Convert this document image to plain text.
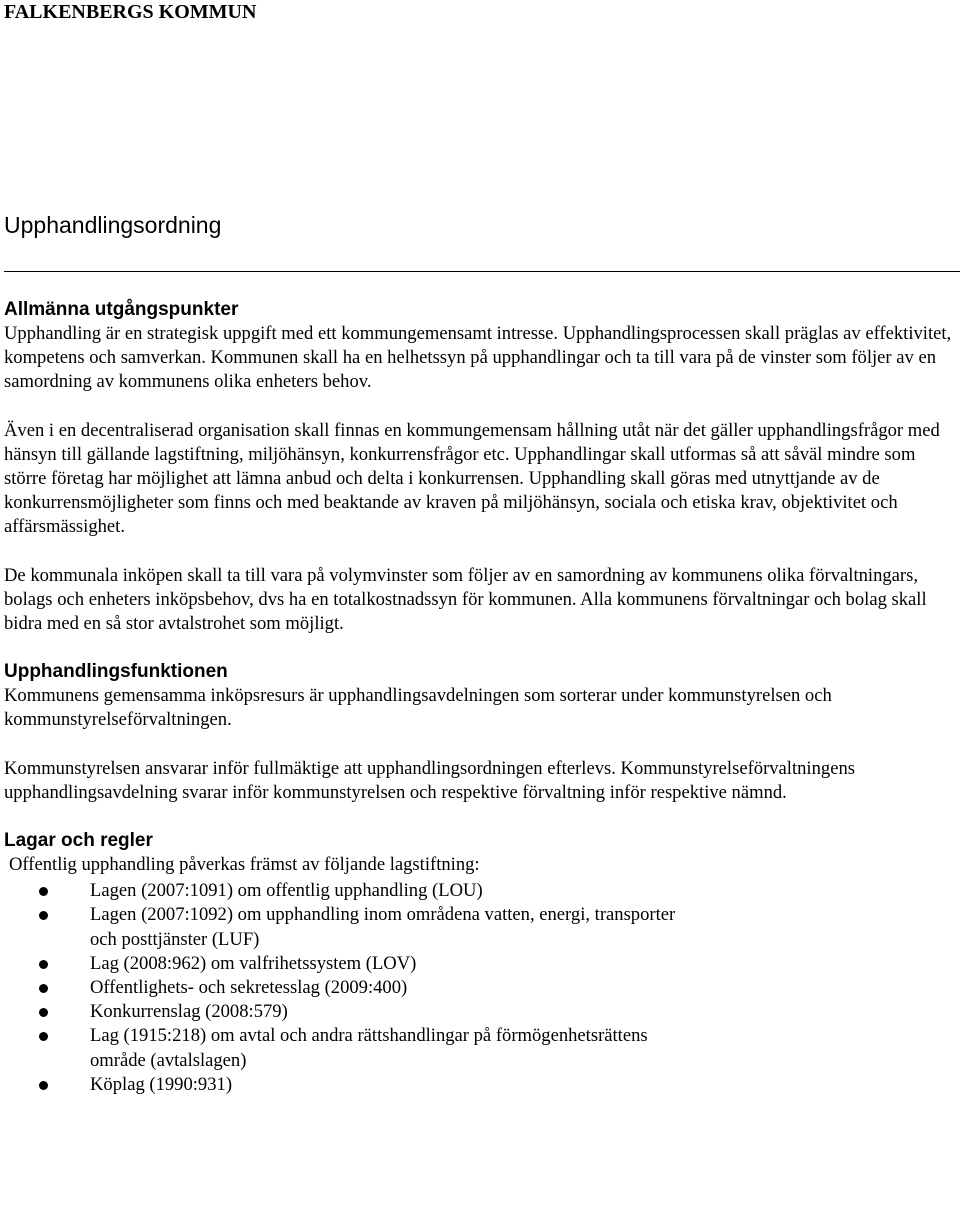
FALKENBERGS KOMMUN
Upphandlingsordning
Allmänna utgångspunkter

Upphandling är en strategisk uppgift med ett kommungemensamt intresse. Upphandlingsprocessen skall präglas av effektivitet, kompetens och samverkan. Kommunen skall ha en helhetssyn på upphandlingar och ta till vara på de vinster som följer av en samordning av kommunens olika enheters behov.

Även i en decentraliserad organisation skall finnas en kommungemensam hållning utåt när det gäller upphandlingsfrågor med hänsyn till gällande lagstiftning, miljöhänsyn, konkurrensfrågor etc. Upphandlingar skall utformas så att såväl mindre som större företag har möjlighet att lämna anbud och delta i konkurrensen. Upphandling skall göras med utnyttjande av de konkurrensmöjligheter som finns och med beaktande av kraven på miljöhänsyn, sociala och etiska krav, objektivitet och affärsmässighet.

De kommunala inköpen skall ta till vara på volymvinster som följer av en samordning av kommunens olika förvaltningars, bolags och enheters inköpsbehov, dvs ha en totalkostnadssyn för kommunen. Alla kommunens förvaltningar och bolag skall bidra med en så stor avtalstrohet som möjligt.

Upphandlingsfunktionen

Kommunens gemensamma inköpsresurs är upphandlingsavdelningen som sorterar under kommunstyrelsen och kommunstyrelseförvaltningen.

Kommunstyrelsen ansvarar inför fullmäktige att upphandlingsordningen efterlevs. Kommunstyrelseförvaltningens upphandlingsavdelning svarar inför kommunstyrelsen och respektive förvaltning inför respektive nämnd.

Lagar och regler

Offentlig upphandling påverkas främst av följande lagstiftning:

Lagen (2007:1091) om offentlig upphandling (LOU)
Lagen (2007:1092) om upphandling inom områdena vatten, energi, transporter och posttjänster (LUF)
Lag (2008:962) om valfrihetssystem (LOV)
Offentlighets- och sekretesslag (2009:400)
Konkurrenslag (2008:579)
Lag (1915:218) om avtal och andra rättshandlingar på förmögenhetsrättens område (avtalslagen)
Köplag (1990:931)
